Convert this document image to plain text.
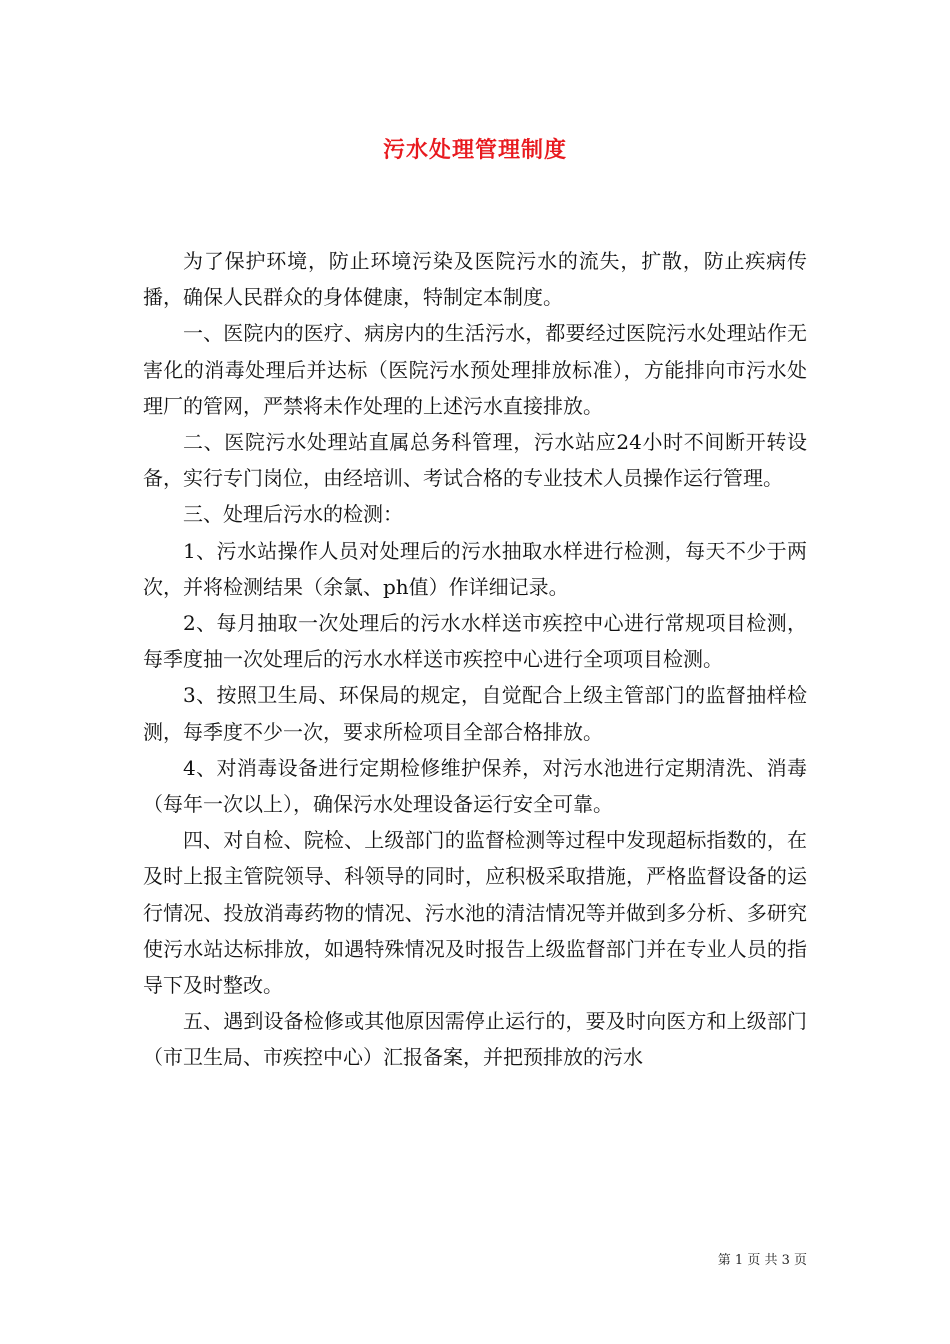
污水处理管理制度

为了保护环境，防止环境污染及医院污水的流失，扩散，防止疾病传播，确保人民群众的身体健康，特制定本制度。

一、医院内的医疗、病房内的生活污水，都要经过医院污水处理站作无害化的消毒处理后并达标（医院污水预处理排放标准），方能排向市污水处理厂的管网，严禁将未作处理的上述污水直接排放。

二、医院污水处理站直属总务科管理，污水站应24小时不间断开转设备，实行专门岗位，由经培训、考试合格的专业技术人员操作运行管理。

三、处理后污水的检测：

1、污水站操作人员对处理后的污水抽取水样进行检测，每天不少于两次，并将检测结果（余氯、ph值）作详细记录。

2、每月抽取一次处理后的污水水样送市疾控中心进行常规项目检测，每季度抽一次处理后的污水水样送市疾控中心进行全项项目检测。

3、按照卫生局、环保局的规定，自觉配合上级主管部门的监督抽样检测，每季度不少一次，要求所检项目全部合格排放。

4、对消毒设备进行定期检修维护保养，对污水池进行定期清洗、消毒（每年一次以上），确保污水处理设备运行安全可靠。

四、对自检、院检、上级部门的监督检测等过程中发现超标指数的，在及时上报主管院领导、科领导的同时，应积极采取措施，严格监督设备的运行情况、投放消毒药物的情况、污水池的清洁情况等并做到多分析、多研究使污水站达标排放，如遇特殊情况及时报告上级监督部门并在专业人员的指导下及时整改。

五、遇到设备检修或其他原因需停止运行的，要及时向医方和上级部门（市卫生局、市疾控中心）汇报备案，并把预排放的污水

第 1 页 共 3 页
